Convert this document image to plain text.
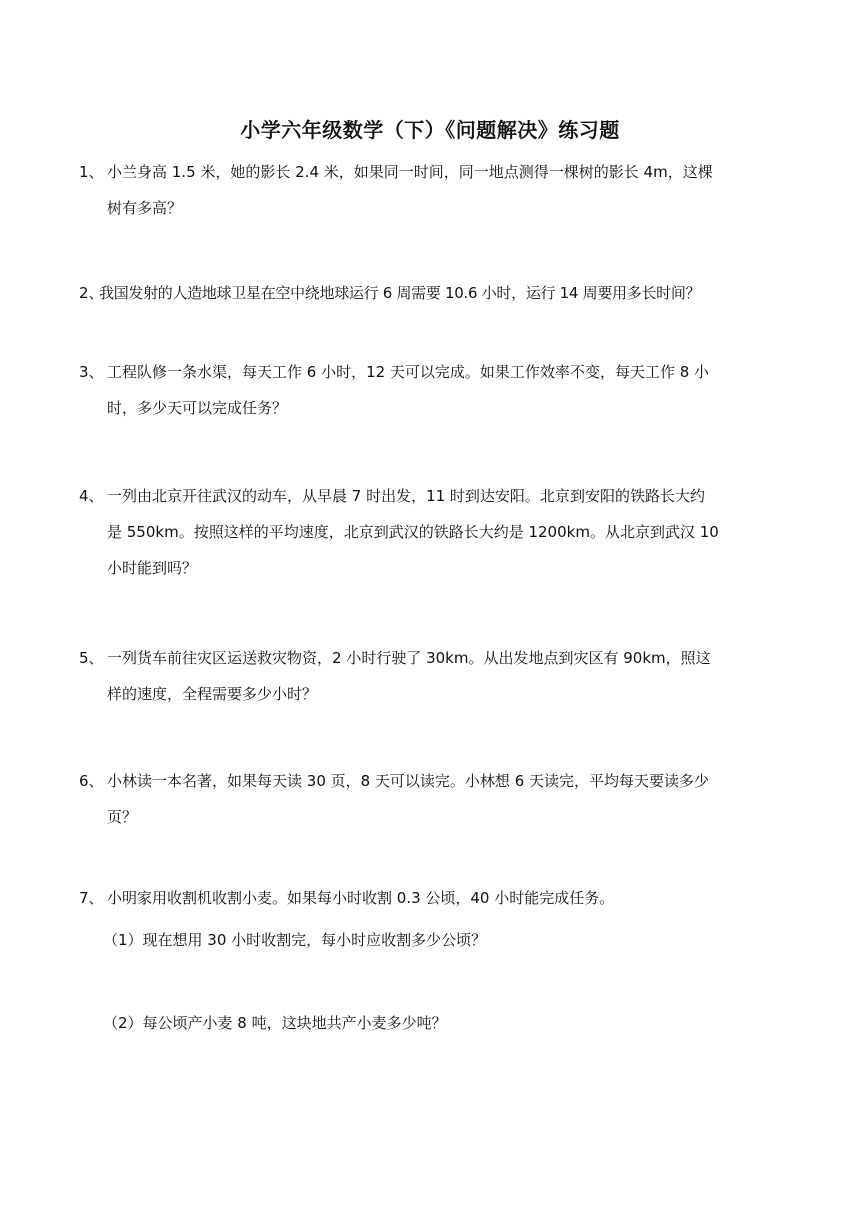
小学六年级数学（下）《问题解决》练习题
1、 小兰身高 1.5 米，她的影长 2.4 米，如果同一时间，同一地点测得一棵树的影长 4m，这棵
树有多高？
2、
我国发射的人造地球卫星在空中绕地球运行 6 周需要 10.6 小时，运行 14 周要用多长时间？
3、 工程队修一条水渠，每天工作 6 小时，12 天可以完成。如果工作效率不变，每天工作 8 小
时，多少天可以完成任务？
4、 一列由北京开往武汉的动车，从早晨 7 时出发，11 时到达安阳。北京到安阳的铁路长大约
是 550km。按照这样的平均速度，北京到武汉的铁路长大约是 1200km。从北京到武汉 10
小时能到吗？
5、 一列货车前往灾区运送救灾物资，2 小时行驶了 30km。从出发地点到灾区有 90km，照这
样的速度，全程需要多少小时？
6、 小林读一本名著，如果每天读 30 页，8 天可以读完。小林想 6 天读完，平均每天要读多少
页？
7、 小明家用收割机收割小麦。如果每小时收割 0.3 公顷，40 小时能完成任务。
（1）现在想用 30 小时收割完，每小时应收割多少公顷？
（2）每公顷产小麦 8 吨，这块地共产小麦多少吨？
